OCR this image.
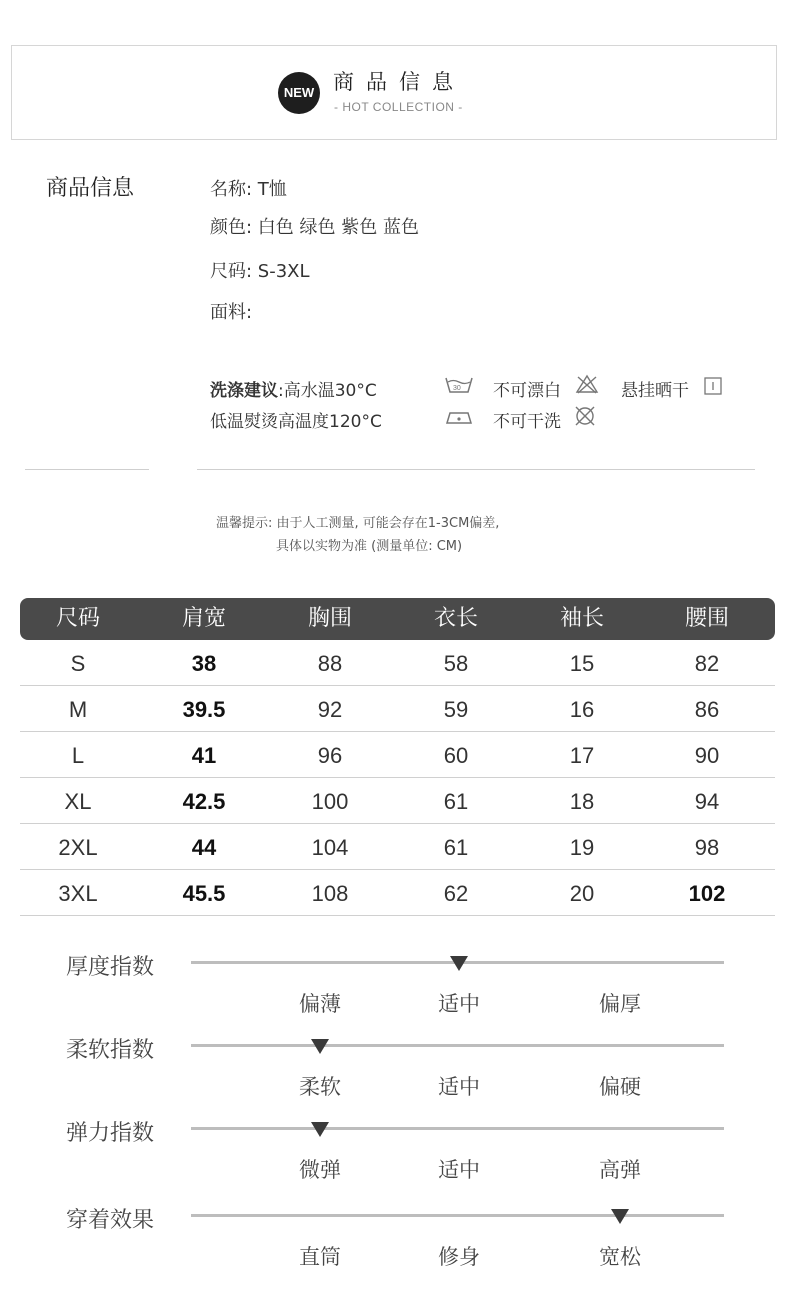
NEW 商品信息
- HOT COLLECTION -
商品信息	名称: T恤
颜色: 白色 绿色 紫色 蓝色
尺码: S-3XL
面料:
洗涤建议:高水温30°C
低温熨烫高温度120°C
30 不可漂白	悬挂晒干
不可干洗
温馨提示: 由于人工测量, 可能会存在1-3CM偏差,
具体以实物为准 (测量单位: CM)
尺码	肩宽	胸围	衣长	袖长	腰围
S	38	88	58	15	82
M	39.5	92	59	16	86
L	41	96	60	17	90
XL	42.5	100	61	18	94
2XL	44	104	61	19	98
3XL	45.5	108	62	20	102
厚度指数
偏薄	适中	偏厚
柔软指数
柔软	适中	偏硬
弹力指数
微弹	适中	高弹
穿着效果
直筒	修身	宽松
